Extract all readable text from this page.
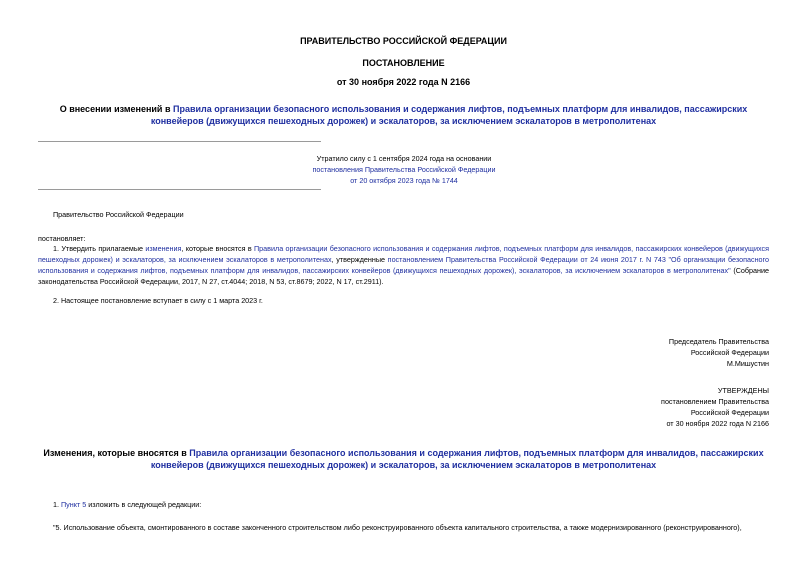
ПРАВИТЕЛЬСТВО РОССИЙСКОЙ ФЕДЕРАЦИИ
ПОСТАНОВЛЕНИЕ
от 30 ноября 2022 года N 2166
О внесении изменений в Правила организации безопасного использования и содержания лифтов, подъемных платформ для инвалидов, пассажирских конвейеров (движущихся пешеходных дорожек) и эскалаторов, за исключением эскалаторов в метрополитенах
Утратило силу с 1 сентября 2024 года на основании
постановления Правительства Российской Федерации
от 20 октября 2023 года № 1744
Правительство Российской Федерации
постановляет:
1. Утвердить прилагаемые изменения, которые вносятся в Правила организации безопасного использования и содержания лифтов, подъемных платформ для инвалидов, пассажирских конвейеров (движущихся пешеходных дорожек) и эскалаторов, за исключением эскалаторов в метрополитенах, утвержденные постановлением Правительства Российской Федерации от 24 июня 2017 г. N 743 "Об организации безопасного использования и содержания лифтов, подъемных платформ для инвалидов, пассажирских конвейеров (движущихся пешеходных дорожек), эскалаторов, за исключением эскалаторов в метрополитенах" (Собрание законодательства Российской Федерации, 2017, N 27, ст.4044; 2018, N 53, ст.8679; 2022, N 17, ст.2911).
2. Настоящее постановление вступает в силу с 1 марта 2023 г.
Председатель Правительства
Российской Федерации
М.Мишустин
УТВЕРЖДЕНЫ
постановлением Правительства
Российской Федерации
от 30 ноября 2022 года N 2166
Изменения, которые вносятся в Правила организации безопасного использования и содержания лифтов, подъемных платформ для инвалидов, пассажирских конвейеров (движущихся пешеходных дорожек) и эскалаторов, за исключением эскалаторов в метрополитенах
1. Пункт 5 изложить в следующей редакции:
"5. Использование объекта, смонтированного в составе законченного строительством либо реконструированного объекта капитального строительства, а также модернизированного (реконструированного),
